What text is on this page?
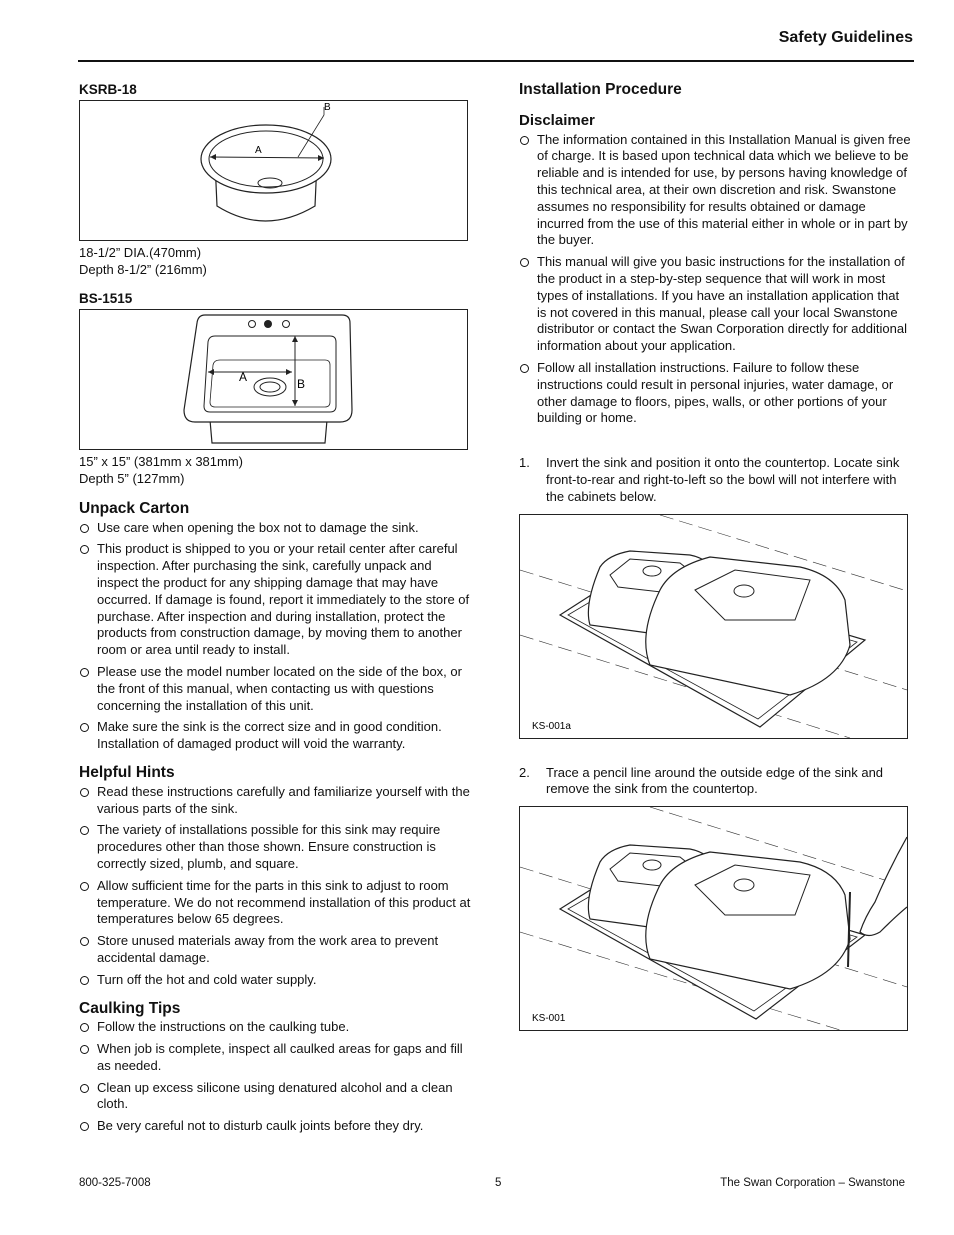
Safety Guidelines
KSRB-18
A
B
18-1/2” DIA.(470mm)
Depth 8-1/2” (216mm)
BS-1515
A	B
15” x 15” (381mm x 381mm)
Depth 5” (127mm)
Unpack Carton
Use care when opening the box not to damage the sink.
This product is shipped to you or your retail center after careful inspection. After purchasing the sink, carefully unpack and inspect the product for any shipping damage that may have occurred. If damage is found, report it immediately to the store of purchase. After inspection and during installation, protect the products from construction damage, by moving them to another room or area until ready to install.
Please use the model number located on the side of the box, or the front of this manual, when contacting us with questions concerning the installation of this unit.
Make sure the sink is the correct size and in good condition. Installation of damaged product will void the warranty.
Helpful Hints
Read these instructions carefully and familiarize yourself with the various parts of the sink.
The variety of installations possible for this sink may require procedures other than those shown. Ensure construction is correctly sized, plumb, and square.
Allow sufficient time for the parts in this sink to adjust to room temperature. We do not recommend installation of this product at temperatures below 65 degrees.
Store unused materials away from the work area to prevent accidental damage.
Turn off the hot and cold water supply.
Caulking Tips
Follow the instructions on the caulking tube.
When job is complete, inspect all caulked areas for gaps and fill as needed.
Clean up excess silicone using denatured alcohol and a clean cloth.
Be very careful not to disturb caulk joints before they dry.
Installation Procedure
Disclaimer
The information contained in this Installation Manual is given free of charge. It is based upon technical data which we believe to be reliable and is intended for use, by persons having knowledge of this technical area, at their own discretion and risk. Swanstone assumes no responsibility for results obtained or damage incurred from the use of this material either in whole or in part by the buyer.
This manual will give you basic instructions for the installation of the product in a step-by-step sequence that will work in most types of installations. If you have an installation application that is not covered in this manual, please call your local Swanstone distributor or contact the Swan Corporation directly for additional information about your application.
Follow all installation instructions. Failure to follow these instructions could result in personal injuries, water damage, or other damage to floors, pipes, walls, or other portions of your building or home.
1. Invert the sink and position it onto the countertop. Locate sink front-to-rear and right-to-left so the bowl will not interfere with the cabinets below.
KS-001a
2. Trace a pencil line around the outside edge of the sink and remove the sink from the countertop.
KS-001
800-325-7008	5	The Swan Corporation – Swanstone
